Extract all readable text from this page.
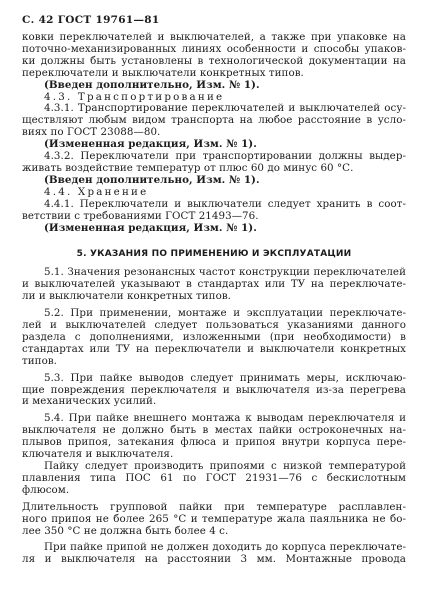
С. 42 ГОСТ 19761—81
ковки переключателей и выключателей, а также при упаковке на
поточно-механизированных линиях особенности и способы упаков-
ки должны быть установлены в технологической документации на
переключатели и выключатели конкретных типов.
(Введен дополнительно, Изм. № 1).
4.3. Транспортирование
4.3.1. Транспортирование переключателей и выключателей осу-
ществляют любым видом транспорта на любое расстояние в усло-
виях по ГОСТ 23088—80.
(Измененная редакция, Изм. № 1).
4.3.2. Переключатели при транспортировании должны выдер-
живать воздействие температур от плюс 60 до минус 60 °С.
(Введен дополнительно, Изм. № 1).
4.4. Хранение
4.4.1. Переключатели и выключатели следует хранить в соот-
ветствии с требованиями ГОСТ 21493—76.
(Измененная редакция, Изм. № 1).
5. УКАЗАНИЯ ПО ПРИМЕНЕНИЮ И ЭКСПЛУАТАЦИИ
5.1. Значения резонансных частот конструкции переключателей
и выключателей указывают в стандартах или ТУ на переключате-
ли и выключатели конкретных типов.
5.2. При применении, монтаже и эксплуатации переключате-
лей и выключателей следует пользоваться указаниями данного
раздела с дополнениями, изложенными (при необходимости) в
стандартах или ТУ на переключатели и выключатели конкретных
типов.
5.3. При пайке выводов следует принимать меры, исключаю-
щие повреждения переключателя и выключателя из-за перегрева
и механических усилий.
5.4. При пайке внешнего монтажа к выводам переключателя и
выключателя не должно быть в местах пайки остроконечных на-
плывов припоя, затекания флюса и припоя внутри корпуса пере-
ключателя и выключателя.
Пайку следует производить припоями с низкой температурой
плавления типа ПОС 61 по ГОСТ 21931—76 с бескислотным
флюсом.
Длительность групповой пайки при температуре расплавлен-
ного припоя не более 265 °С и температуре жала паяльника не бо-
лее 350 °С не должна быть более 4 с.
При пайке припой не должен доходить до корпуса переключате-
ля и выключателя на расстоянии 3 мм. Монтажные провода
